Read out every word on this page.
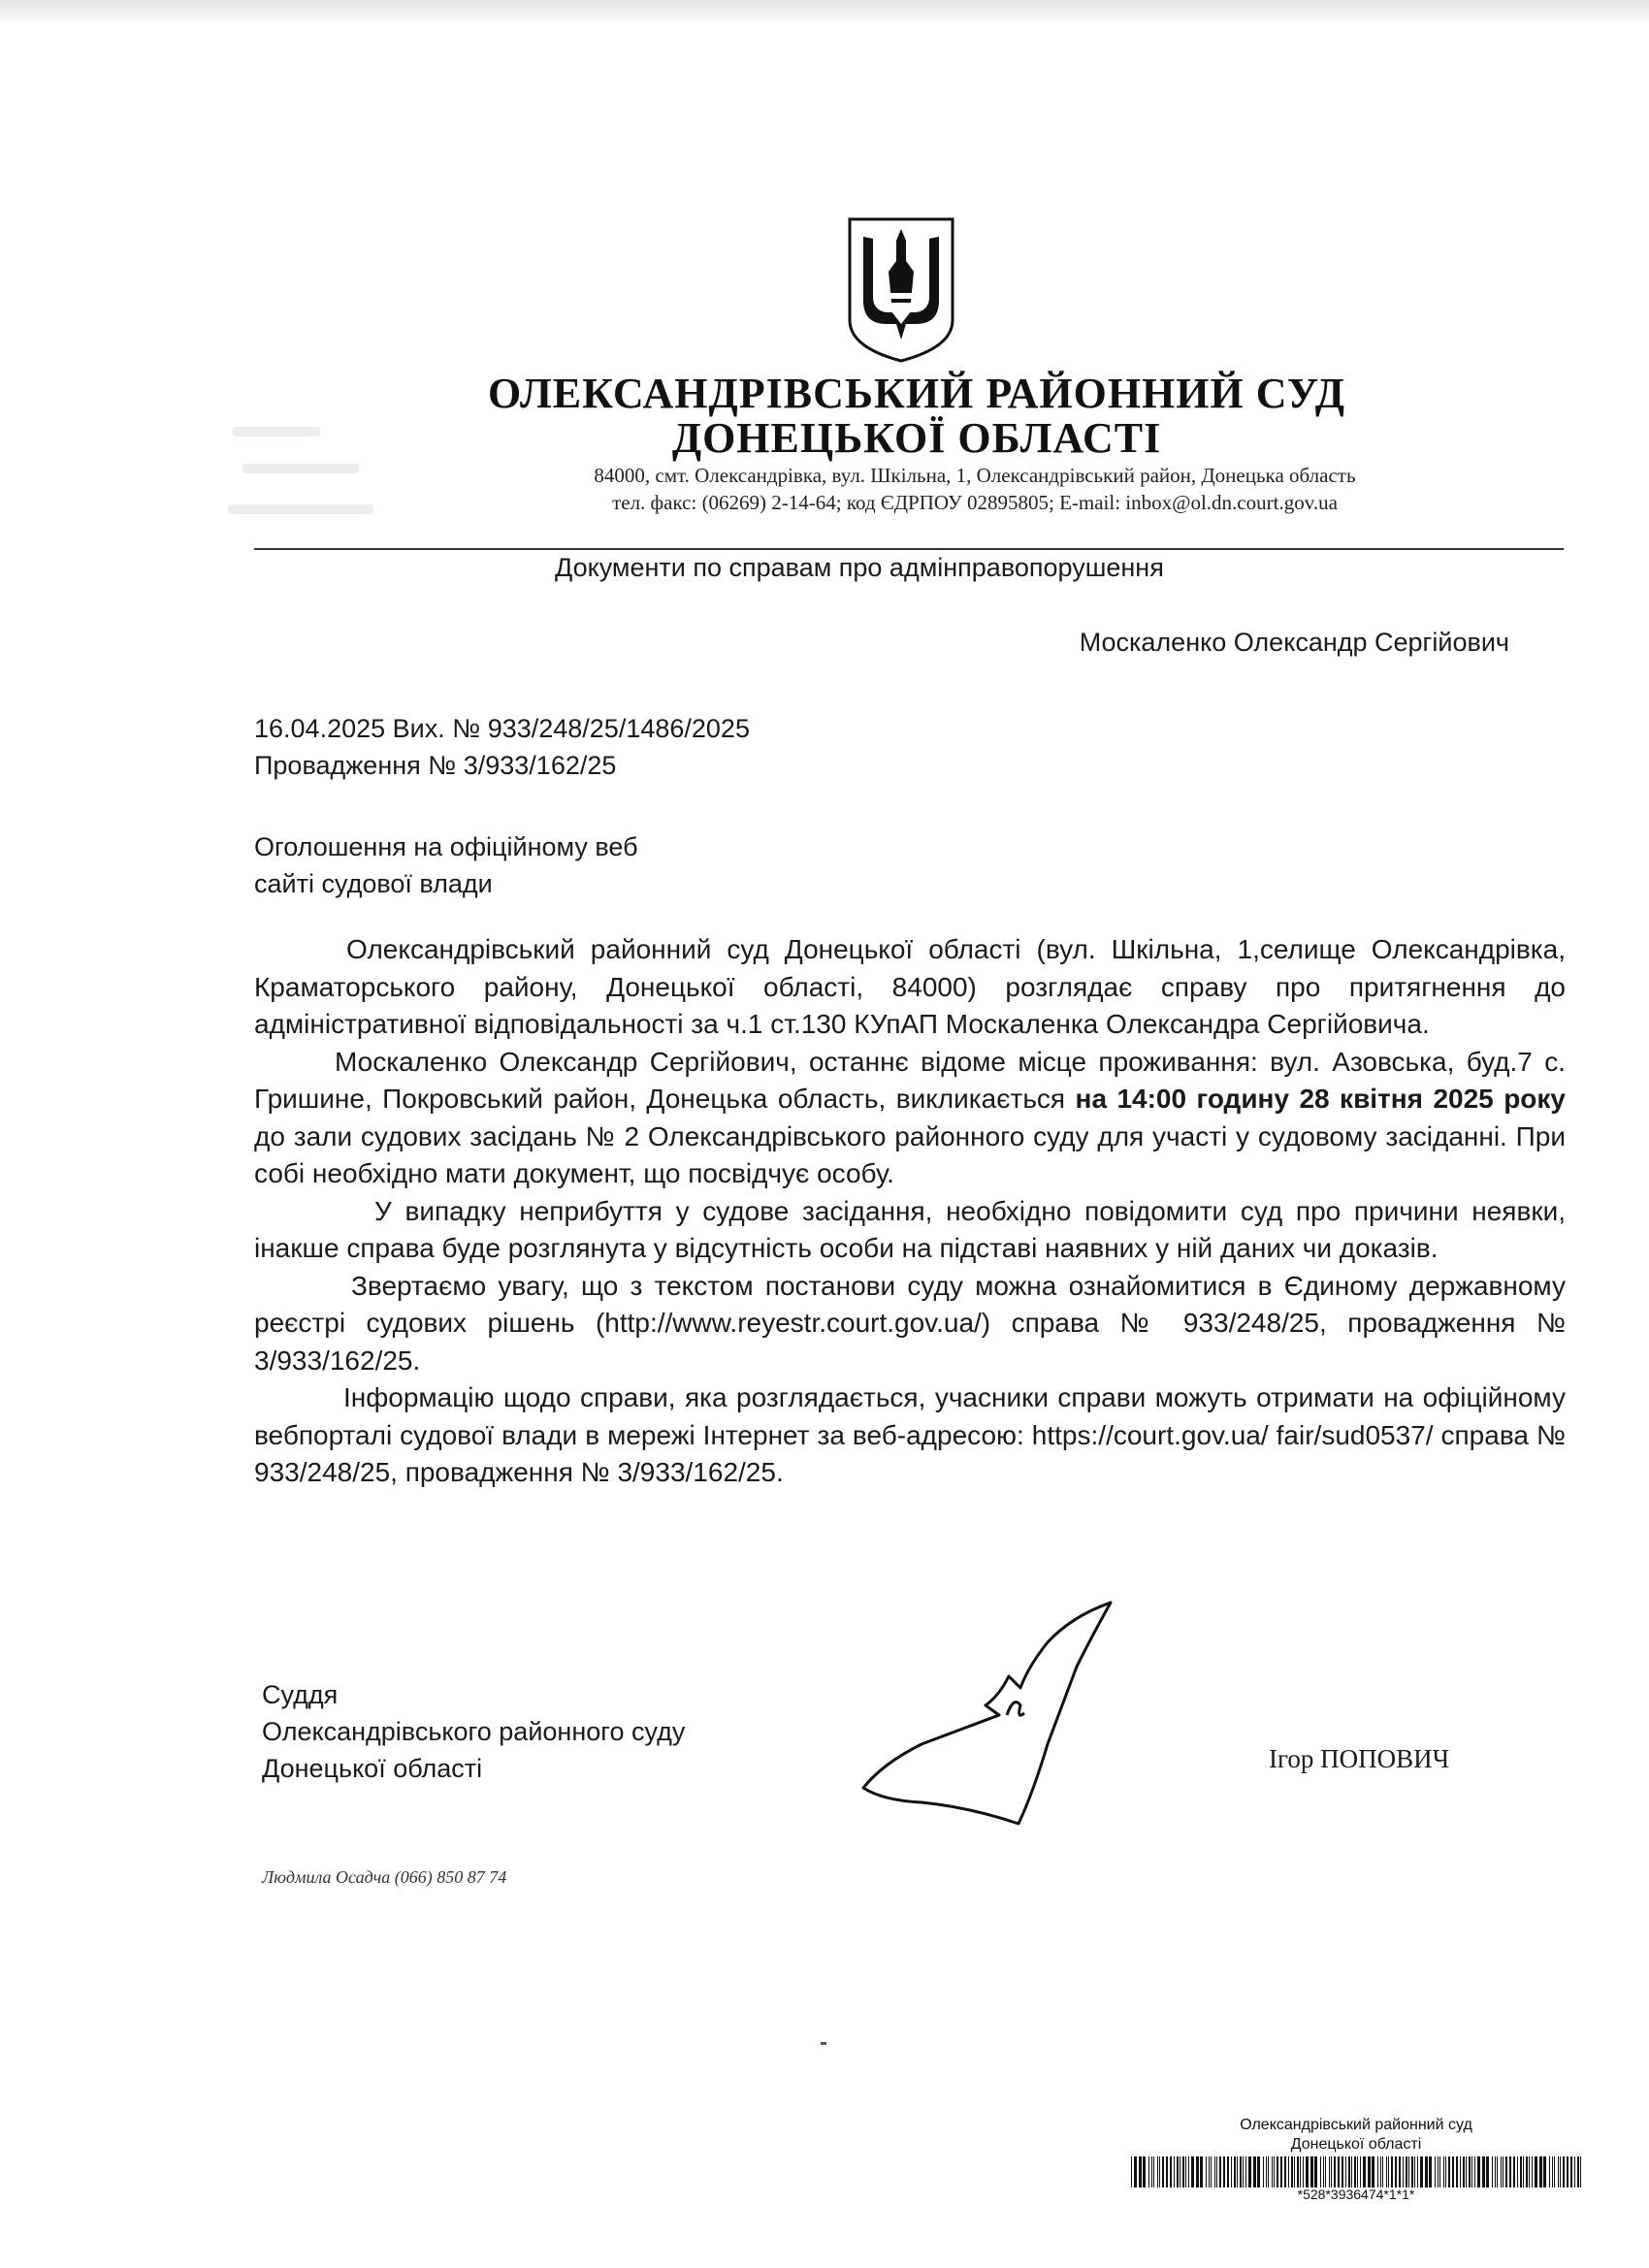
ОЛЕКСАНДРІВСЬКИЙ РАЙОННИЙ СУД
ДОНЕЦЬКОЇ ОБЛАСТІ
84000, смт. Олександрівка, вул. Шкільна, 1, Олександрівський район, Донецька область
тел. факс: (06269) 2-14-64; код ЄДРПОУ 02895805; E-mail: inbox@ol.dn.court.gov.ua
Документи по справам про адмінправопорушення
Москаленко Олександр Сергійович
16.04.2025 Вих. № 933/248/25/1486/2025
Провадження № 3/933/162/25
Оголошення на офіційному веб
сайті судової влади

Олександрівський районний суд Донецької області (вул. Шкільна, 1,селище Олександрівка, Краматорського району, Донецької області, 84000) розглядає справу про притягнення до адміністративної відповідальності за ч.1 ст.130 КУпАП Москаленка Олександра Сергійовича.

Москаленко Олександр Сергійович, останнє відоме місце проживання: вул. Азовська, буд.7 с. Гришине, Покровський район, Донецька область, викликається на 14:00 годину 28 квітня 2025 року до зали судових засідань № 2 Олександрівського районного суду для участі у судовому засіданні. При собі необхідно мати документ, що посвідчує особу.

У випадку неприбуття у судове засідання, необхідно повідомити суд про причини неявки, інакше справа буде розглянута у відсутність особи на підставі наявних у ній даних чи доказів.

Звертаємо увагу, що з текстом постанови суду можна ознайомитися в Єдиному державному реєстрі судових рішень (http://www.reyestr.court.gov.ua/) справа № 933/248/25, провадження № 3/933/162/25.

Інформацію щодо справи, яка розглядається, учасники справи можуть отримати на офіційному вебпорталі судової влади в мережі Інтернет за веб-адресою: https://court.gov.ua/ fair/sud0537/ справа № 933/248/25, провадження № 3/933/162/25.

Суддя
Олександрівського районного суду
Донецької області	Ігор ПОПОВИЧ
Людмила Осадча (066) 850 87 74
Олександрівський районний суд
Донецької області
*528*3936474*1*1*
